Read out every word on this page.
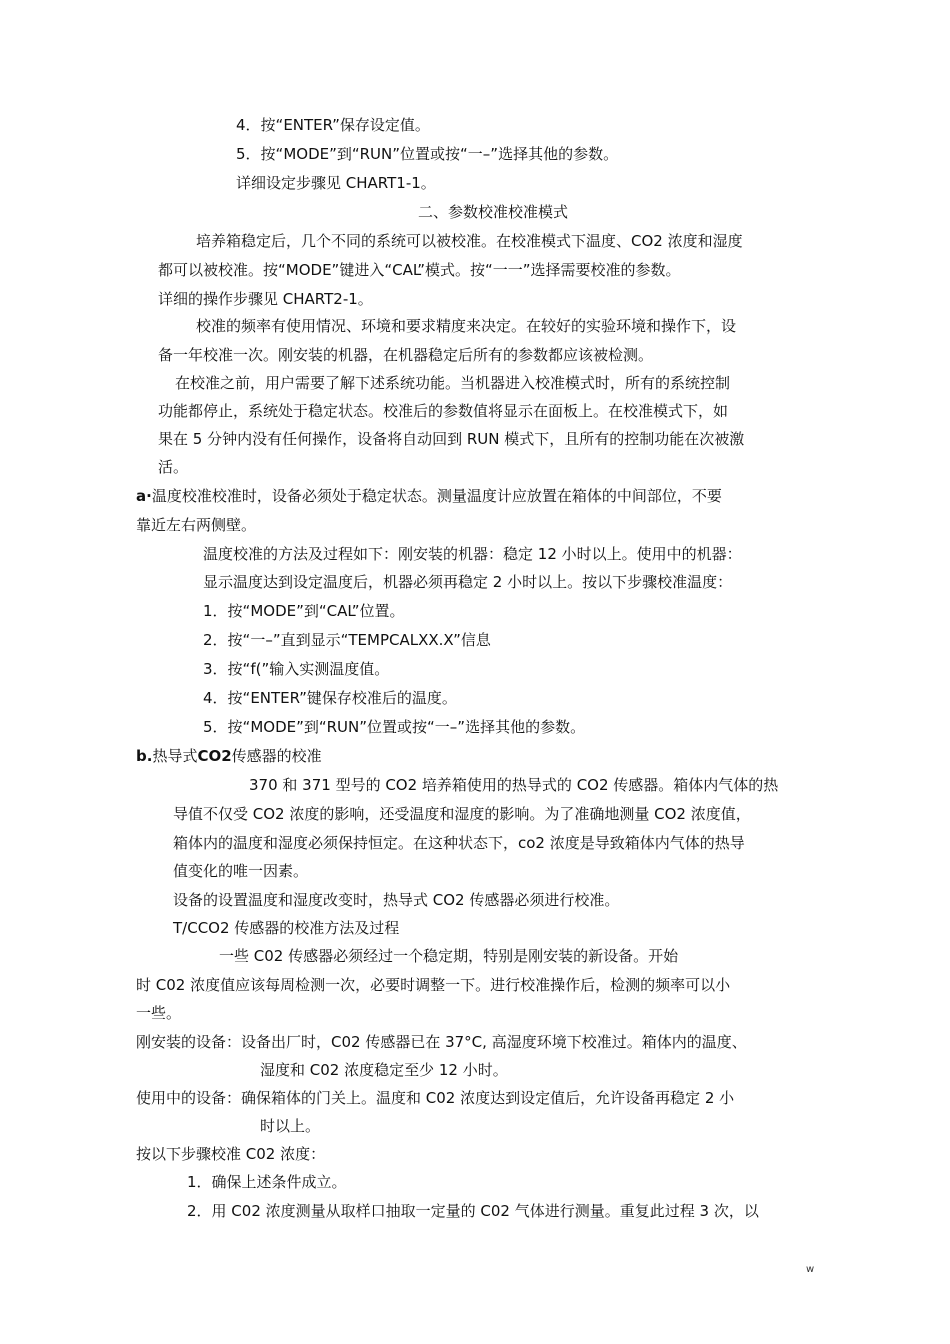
4．按“ENTER”保存设定值。
5．按“MODE”到“RUN”位置或按“一–”选择其他的参数。
详细设定步骤见 CHART1-1。
二、参数校准校准模式
培养箱稳定后，几个不同的系统可以被校准。在校准模式下温度、CO2 浓度和湿度
都可以被校准。按“MODE”键进入“CAL”模式。按“一一”选择需要校准的参数。
详细的操作步骤见 CHART2-1。
校准的频率有使用情况、环境和要求精度来决定。在较好的实验环境和操作下，设
备一年校准一次。刚安装的机器，在机器稳定后所有的参数都应该被检测。
在校准之前，用户需要了解下述系统功能。当机器进入校准模式时，所有的系统控制
功能都停止，系统处于稳定状态。校准后的参数值将显示在面板上。在校准模式下，如
果在 5 分钟内没有任何操作，设备将自动回到 RUN 模式下，且所有的控制功能在次被激
活。
a·温度校准校准时，设备必须处于稳定状态。测量温度计应放置在箱体的中间部位，不要
靠近左右两侧壁。
温度校准的方法及过程如下：刚安装的机器：稳定 12 小时以上。使用中的机器：
显示温度达到设定温度后，机器必须再稳定 2 小时以上。按以下步骤校准温度：
1．按“MODE”到“CAL”位置。
2．按“一–”直到显示“TEMPCALXX.X”信息
3．按“f(”输入实测温度值。
4．按“ENTER”键保存校准后的温度。
5．按“MODE”到“RUN”位置或按“一–”选择其他的参数。
b.热导式CO2传感器的校准
370 和 371 型号的 CO2 培养箱使用的热导式的 CO2 传感器。箱体内气体的热
导值不仅受 CO2 浓度的影响，还受温度和湿度的影响。为了准确地测量 CO2 浓度值，
箱体内的温度和湿度必须保持恒定。在这种状态下，co2 浓度是导致箱体内气体的热导
值变化的唯一因素。
设备的设置温度和湿度改变时，热导式 CO2 传感器必须进行校准。
T/CCO2 传感器的校准方法及过程
一些 C02 传感器必须经过一个稳定期，特别是刚安装的新设备。开始
时 C02 浓度值应该每周检测一次，必要时调整一下。进行校准操作后，检测的频率可以小
一些。
刚安装的设备：设备出厂时，C02 传感器已在 37°C, 高湿度环境下校准过。箱体内的温度、
湿度和 C02 浓度稳定至少 12 小时。
使用中的设备：确保箱体的门关上。温度和 C02 浓度达到设定值后，允许设备再稳定 2 小
时以上。
按以下步骤校准 C02 浓度：
1．确保上述条件成立。
2．用 C02 浓度测量从取样口抽取一定量的 C02 气体进行测量。重复此过程 3 次，以
w
